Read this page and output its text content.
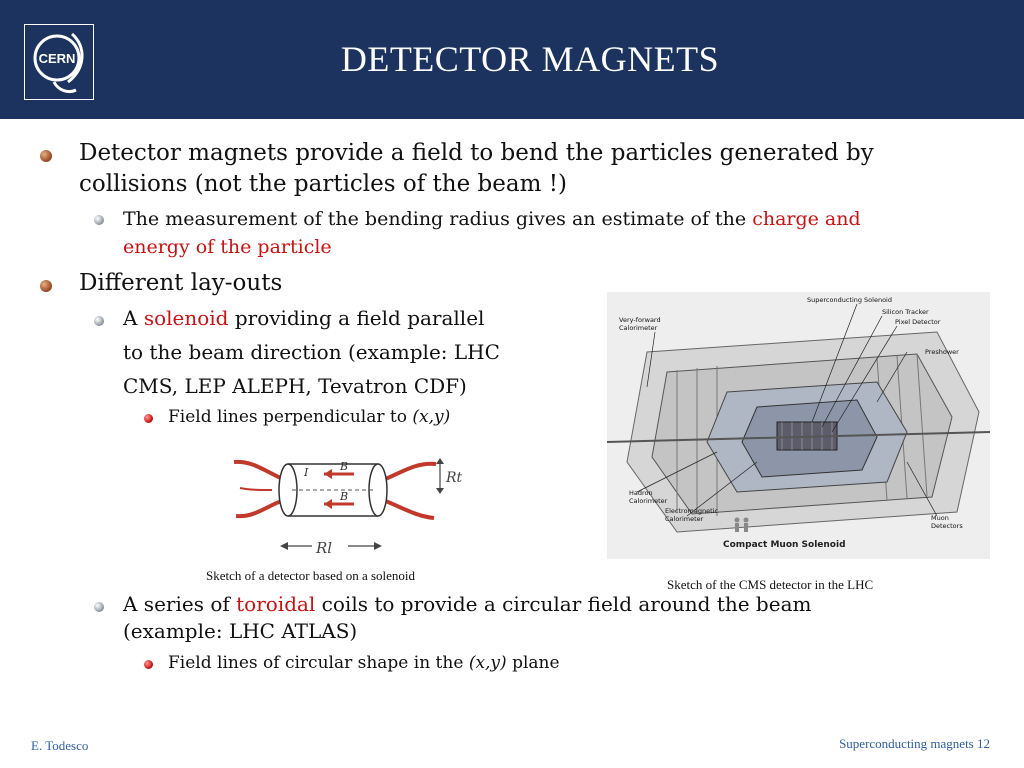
CERN	DETECTOR MAGNETS
Detector magnets provide a field to bend the particles generated by
collisions (not the particles of the beam !)
The measurement of the bending radius gives an estimate of the charge and
energy of the particle
Different lay-outs
A solenoid providing a field parallel
to the beam direction (example: LHC
CMS, LEP ALEPH, Tevatron CDF)
Field lines perpendicular to (x,y)
I	B
B
Rt
Rl
Sketch of a detector based on a solenoid
Superconducting Solenoid
Silicon Tracker
Pixel Detector
Very-forward
Calorimeter
Preshower
Hadron
Calorimeter
Electromagnetic
Calorimeter	Muon
Detectors
Compact Muon Solenoid
Sketch of the CMS detector in the LHC
A series of toroidal coils to provide a circular field around the beam
(example: LHC ATLAS)
Field lines of circular shape in the (x,y) plane
E. Todesco	Superconducting magnets 12
